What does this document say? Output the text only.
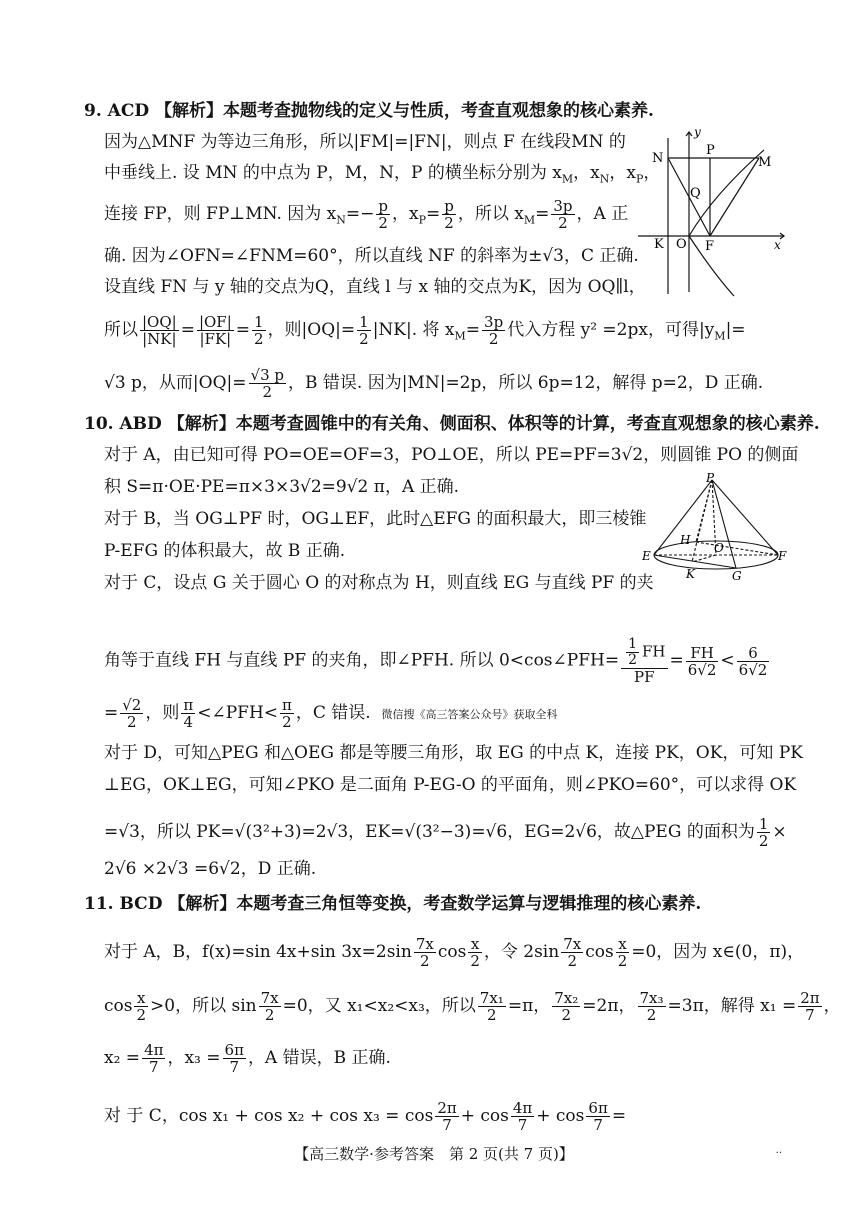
9. ACD 【解析】本题考查抛物线的定义与性质，考查直观想象的核心素养.
因为△MNF 为等边三角形，所以|FM|=|FN|，则点 F 在线段MN 的
中垂线上. 设 MN 的中点为 P，M，N，P 的横坐标分别为 $x_M$，$x_N$，$x_P$，
连接 FP，则 FP⊥MN. 因为 $x_N=- \frac{p}{2}$ ，$x_P= \frac{p}{2}$ ，所以 $x_M= \frac{3p}{2}$ ，A 正
确. 因为∠OFN=∠FNM=60°，所以直线 NF 的斜率为±√3，C 正确.
设直线 FN 与 y 轴的交点为Q，直线 l 与 x 轴的交点为K，因为 OQ∥l，
所以 $\frac{|OQ|}{|NK|} = \frac{|OF|}{|FK|} = \frac{1}{2}$ ，则$|OQ|= \frac{1}{2} |NK|$. 将 $x_M= \frac{3p}{2}$ 代入方程 y² =2px，可得$|y_M|=$
√3 p，从而$|OQ|= \frac{√3 p}{2}$ ，B 错误. 因为|MN|=2p，所以 6p=12，解得 p=2，D 正确.
y
x
N
P
M
Q
K O F
10. ABD 【解析】本题考查圆锥中的有关角、侧面积、体积等的计算，考查直观想象的核心素养.
对于 A，由已知可得 PO=OE=OF=3，PO⊥OE，所以 PE=PF=3√2，则圆锥 PO 的侧面
积 S=π·OE·PE=π×3×3√2=9√2 π，A 正确.
对于 B，当 OG⊥PF 时，OG⊥EF，此时△EFG 的面积最大，即三棱锥
P-EFG 的体积最大，故 B 正确.
对于 C，设点 G 关于圆心 O 的对称点为 H，则直线 EG 与直线 PF 的夹
角等于直线 FH 与直线 PF 的夹角，即∠PFH. 所以 0<cos∠PFH= $\frac{\frac{1}{2} FH}{PF} = \frac{FH}{6√2} < \frac{6}{6√2}$
= $\frac{√2}{2}$ ，则 $\frac{\pi}{4}$ <∠PFH< $\frac{\pi}{2}$ ，C 错误. 微信搜《高三答案公众号》获取全科
对于 D，可知△PEG 和△OEG 都是等腰三角形，取 EG 的中点 K，连接 PK，OK，可知 PK
⊥EG，OK⊥EG，可知∠PKO 是二面角 P-EG-O 的平面角，则∠PKO=60°，可以求得 OK
=√3，所以 PK=√(3²+3)=2√3，EK=√(3²−3)=√6，EG=2√6，故△PEG 的面积为 $\frac{1}{2}$ ×
2√6 ×2√3 =6√2，D 正确.
P
H
O
E	F
K	G
11. BCD 【解析】本题考查三角恒等变换，考查数学运算与逻辑推理的核心素养.
对于 A，B，f(x)=sin 4x+sin $3x=2\sin \frac{7x}{2}$ $\cos \frac{x}{2}$ ，令 $2\sin \frac{7x}{2}$ $\cos \frac{x}{2} =0$，因为 x∈(0，π)，
$\cos \frac{x}{2} >0$，所以 $\sin \frac{7x}{2} =0$，又 x₁<x₂<x₃，所以 $\frac{\text{7x₁}}{2} =\pi$， $\frac{\text{7x₂}}{2} =2\pi$， $\frac{\text{7x₃}}{2} =3\pi$，解得 $x_1 = \frac{2\pi}{7}$ ，
$x_2 = \frac{4\pi}{7}$ ，$x_3 = \frac{6\pi}{7}$ ，A 错误，B 正确.
对 于 C，$\cos x_1 + \cos x_2 + \cos x_3 = \cos \frac{2\pi}{7} + \cos \frac{4\pi}{7} + \cos \frac{6\pi}{7}$ =
【高三数学·参考答案　第 2 页(共 7 页)】	..
